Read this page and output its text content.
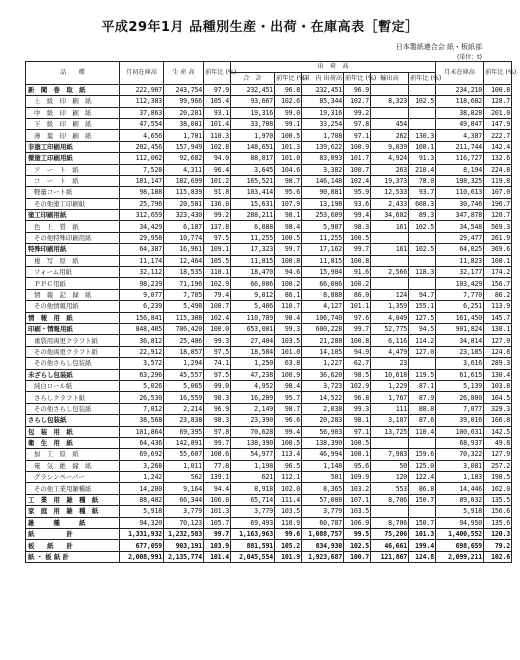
平成29年1月 品種別生産・出荷・在庫高表［暫定］
日本製紙連合会 紙・板紙部
(単位：t)
品　　種	月初在庫高	生 産 高	前年比 (%)	出　荷　高						月末在庫高	前年比 (%)
				合　計	前年比 (%)	国　内 出荷高	前年比 (%)	輸出高	前年比 (%)		
新　聞　巻　取　紙	222,907	243,754	97.9	232,451	96.8	232,451	96.9			234,210	100.8
上　級　印　刷　紙	112,383	99,966	105.4	93,667	102.6	85,344	102.7	8,323	102.5	118,682	128.7
中　級　印　刷　紙	37,863	20,281	93.1	19,316	99.0	19,316	99.2			38,828	201.0
下　級　印　刷　紙	47,554	38,001	101.4	33,708	99.1	33,254	97.8	454		49,847	147.9
薄　葉　印　刷　紙	4,656	1,701	110.3	1,970	100.5	1,708	97.1	262	130.3	4,387	222.7
非塗工印刷用紙	202,456	157,949	102.8	148,651	101.3	139,622	100.9	9,039	108.1	211,744	142.4
微塗工印刷用紙	112,062	92,682	94.0	88,017	101.0	83,093	101.7	4,924	91.3	116,727	132.6
ア　ー　ト　紙	7,528	4,311	96.4	3,645	104.6	3,382	100.7	263	210.4	8,194	224.8
コ　ー　ト　紙	181,147	182,699	101.2	165,521	98.7	146,148	102.4	19,373	78.0	198,325	119.8
軽量コート紙	98,188	115,839	91.8	103,414	95.6	90,881	95.9	12,533	93.7	110,613	107.0
その他塗工印刷紙	25,796	20,581	136.0	15,631	107.9	13,198	93.6	2,433	608.3	30,746	196.7
塗工印刷用紙	312,659	323,430	99.2	288,211	98.1	253,609	99.4	34,602	89.3	347,878	120.7
色　上　質　紙	34,429	6,187	137.8	6,088	98.4	5,907	98.3	161	102.5	34,548	569.3
その他特殊印刷用紙	29,958	10,774	97.5	11,255	100.5	11,255	100.5			29,477	261.9
特殊印刷用紙	64,387	16,961	109.1	17,323	99.7	17,162	99.7	161	102.5	64,025	369.6
複　写　原　紙	11,174	12,464	105.5	11,815	100.8	11,815	100.8			11,823	100.1
フォーム用紙	32,112	18,535	110.1	18,470	94.6	15,904	91.6	2,566	118.3	32,177	174.2
ＰＰＣ用紙	98,239	71,196	102.9	66,006	100.2	66,006	100.2			103,429	156.7
情　報　記　録　紙	9,077	7,705	79.4	9,012	86.1	8,888	86.0	124	94.7	7,770	86.2
その他情報用紙	6,239	5,498	108.7	5,486	110.7	4,127	101.1	1,359	155.1	6,251	113.9
情　報　用　紙	156,841	115,308	102.4	110,789	98.4	106,740	97.6	4,049	127.5	161,450	145.7
印刷・情報用紙	848,405	706,420	100.0	653,001	99.3	600,228	99.7	52,775	94.5	901,824	138.1
重袋用両更クラフト紙	36,812	25,406	99.3	27,404	103.5	21,288	100.8	6,116	114.2	34,814	127.0
その他両更クラフト紙	22,912	18,857	97.5	18,584	101.0	14,105	94.9	4,479	127.0	23,185	124.8
その他さらし包装紙	3,572	1,294	74.1	1,250	63.8	1,227	62.7	23		3,616	289.3
未ざらし包装紙	63,296	45,557	97.5	47,238	100.9	36,620	98.5	10,618	119.5	61,615	130.4
純白ロール紙	5,026	5,065	99.0	4,952	98.4	3,723	102.9	1,229	87.1	5,139	103.8
さらしクラフト紙	26,530	16,559	98.3	16,289	95.7	14,522	96.8	1,767	87.9	26,800	164.5
その他さらし包装紙	7,012	2,214	96.9	2,149	98.7	2,038	99.3	111	88.8	7,077	329.3
さらし包装紙	38,568	23,838	98.3	23,390	96.6	20,283	98.1	3,107	87.6	39,016	166.8
包　装　用　紙	101,864	69,395	97.8	70,628	99.4	56,903	97.1	13,725	110.4	100,631	142.5
衛　生　用　紙	64,436	142,891	99.7	138,390	100.5	138,390	100.5			68,937	49.8
加　工　原　紙	69,692	55,607	108.6	54,977	113.4	46,994	108.1	7,983	159.6	70,322	127.9
電　気　絶　縁　紙	3,268	1,011	77.8	1,198	96.5	1,148	95.6	50	125.0	3,081	257.2
グラシンペーパー	1,242	562	139.1	621	112.1	501	109.9	120	122.4	1,183	190.5
その他工業用雑種紙	14,200	9,164	94.4	8,918	102.0	8,365	103.2	553	86.8	14,446	162.0
工　業　用　雑　種　紙	88,402	66,344	106.0	65,714	111.4	57,008	107.1	8,706	150.7	89,032	135.5
家　庭　用　雑　種　紙	5,918	3,779	101.3	3,779	103.5	3,779	103.5			5,918	156.6
雑　　　種　　　紙	94,320	70,123	105.7	69,493	110.9	60,787	106.9	8,706	150.7	94,950	135.6
紙　　　　　計	1,331,932	1,232,583	99.7	1,163,963	99.6	1,088,757	99.5	75,206	101.3	1,400,552	120.3
板　　紙　　計	677,059	903,191	103.9	881,591	105.2	834,930	102.5	46,661	199.4	698,659	79.2
紙 ・ 板 紙 計	2,008,991	2,135,774	101.4	2,045,554	101.9	1,923,687	100.7	121,867	124.8	2,099,211	102.6
